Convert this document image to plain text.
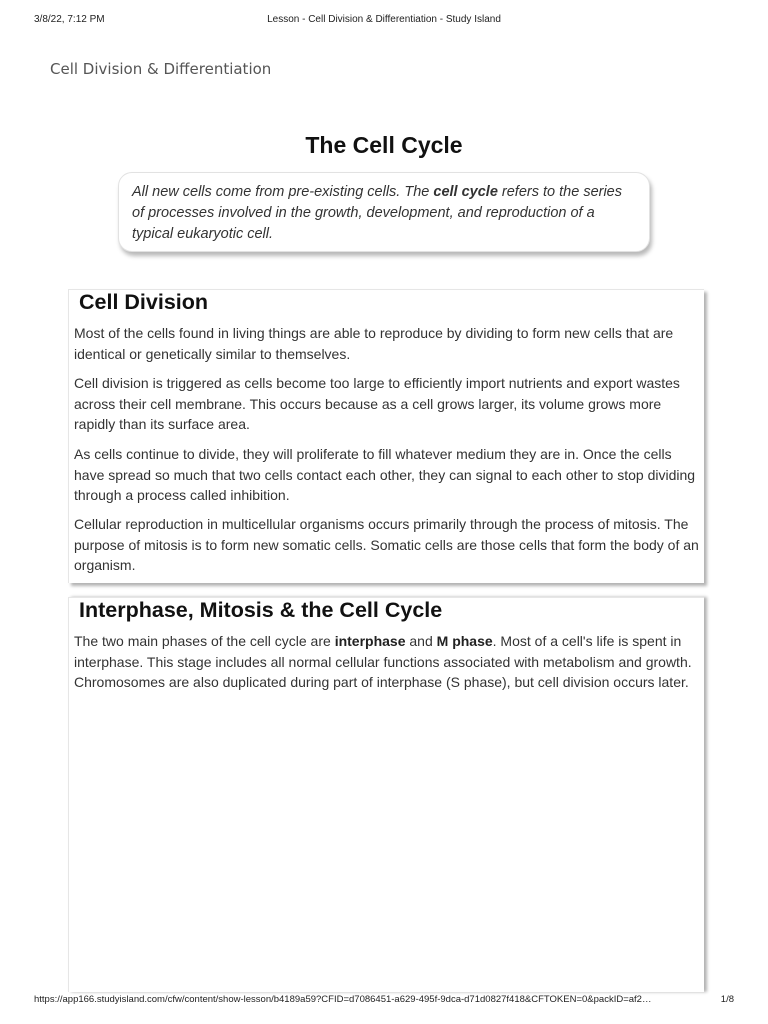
3/8/22, 7:12 PM	Lesson - Cell Division & Differentiation - Study Island
Cell Division & Differentiation
The Cell Cycle
All new cells come from pre-existing cells. The cell cycle refers to the series of processes involved in the growth, development, and reproduction of a typical eukaryotic cell.
Cell Division

Most of the cells found in living things are able to reproduce by dividing to form new cells that are identical or genetically similar to themselves.

Cell division is triggered as cells become too large to efficiently import nutrients and export wastes across their cell membrane. This occurs because as a cell grows larger, its volume grows more rapidly than its surface area.

As cells continue to divide, they will proliferate to fill whatever medium they are in. Once the cells have spread so much that two cells contact each other, they can signal to each other to stop dividing through a process called inhibition.

Cellular reproduction in multicellular organisms occurs primarily through the process of mitosis. The purpose of mitosis is to form new somatic cells. Somatic cells are those cells that form the body of an organism.

Interphase, Mitosis & the Cell Cycle

The two main phases of the cell cycle are interphase and M phase. Most of a cell's life is spent in interphase. This stage includes all normal cellular functions associated with metabolism and growth. Chromosomes are also duplicated during part of interphase (S phase), but cell division occurs later.

https://app166.studyisland.com/cfw/content/show-lesson/b4189a59?CFID=d7086451-a629-495f-9dca-d71d0827f418&CFTOKEN=0&packID=af2…	1/8
